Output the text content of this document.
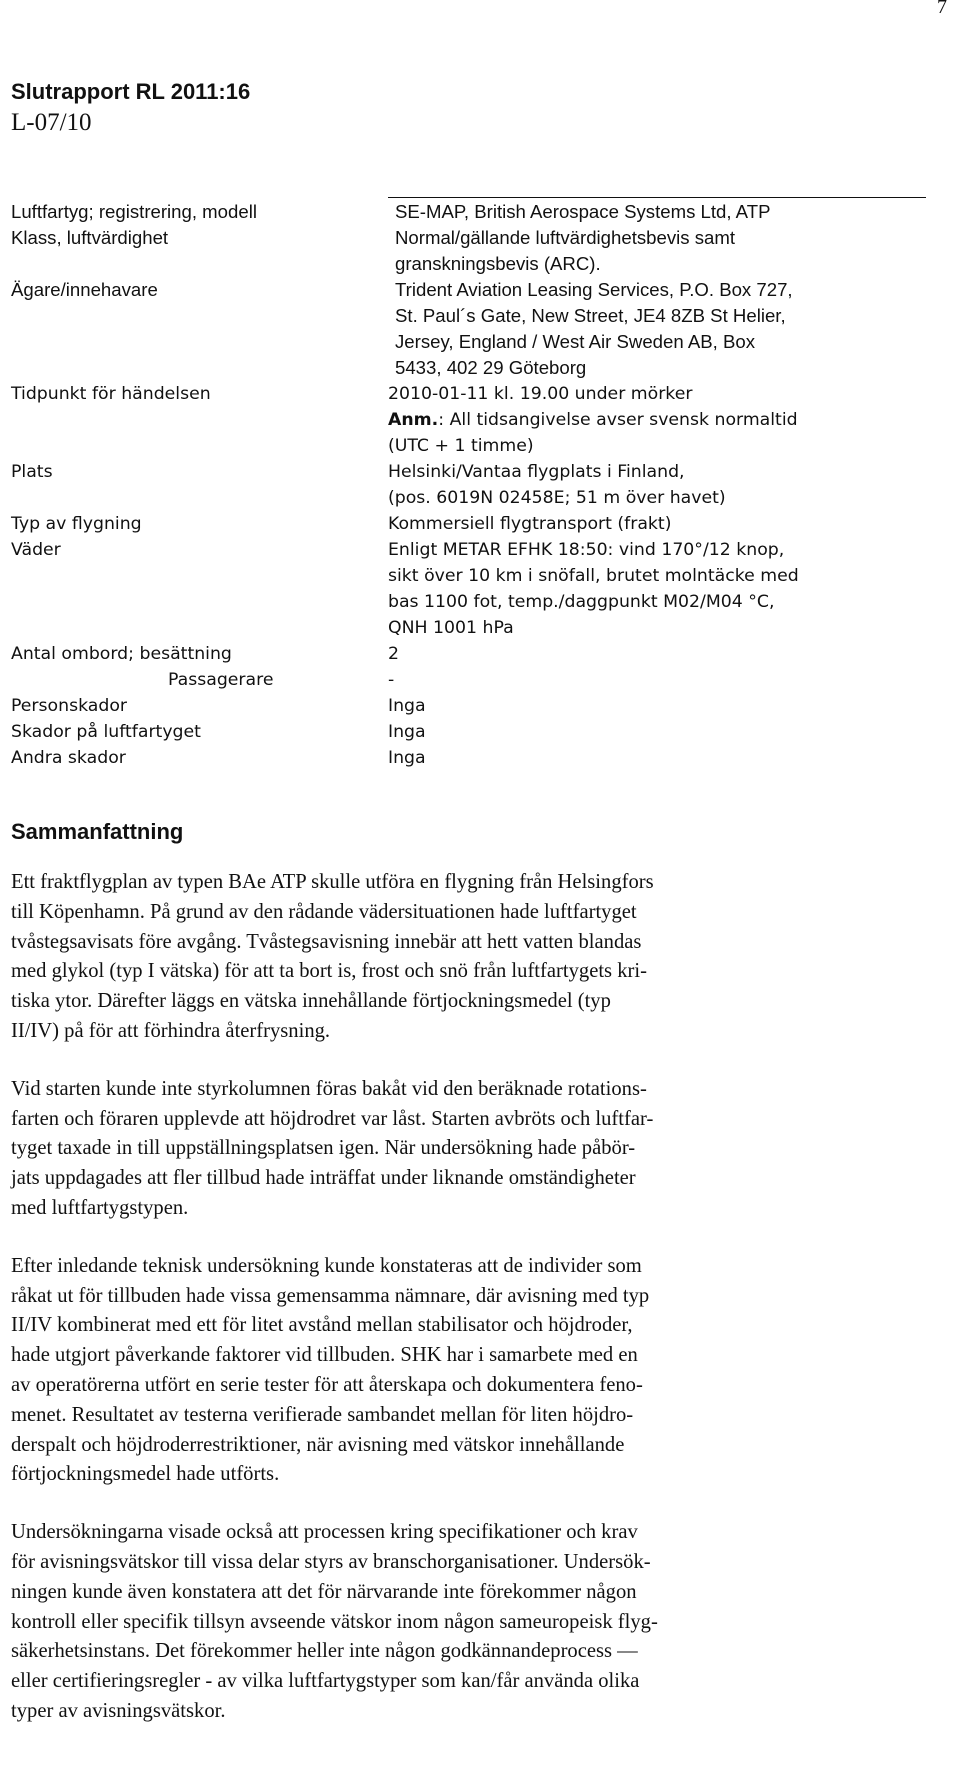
7
Slutrapport RL 2011:16
L-07/10
Luftfartyg; registrering, modell	SE-MAP, British Aerospace Systems Ltd, ATP
Klass, luftvärdighet	Normal/gällande luftvärdighetsbevis samt
granskningsbevis (ARC).
Ägare/innehavare	Trident Aviation Leasing Services, P.O. Box 727,
St. Paul´s Gate, New Street, JE4 8ZB St Helier,
Jersey, England / West Air Sweden AB, Box
5433, 402 29 Göteborg
Tidpunkt för händelsen	2010-01-11 kl. 19.00 under mörker
Anm.: All tidsangivelse avser svensk normaltid
(UTC + 1 timme)
Plats	Helsinki/Vantaa flygplats i Finland,
(pos. 6019N 02458E; 51 m över havet)
Typ av flygning	Kommersiell flygtransport (frakt)
Väder	Enligt METAR EFHK 18:50: vind 170°/12 knop,
sikt över 10 km i snöfall, brutet molntäcke med
bas 1100 fot, temp./daggpunkt M02/M04 °C,
QNH 1001 hPa
Antal ombord; besättning	2
Passagerare	-
Personskador	Inga
Skador på luftfartyget	Inga
Andra skador	Inga
Sammanfattning

Ett fraktflygplan av typen BAe ATP skulle utföra en flygning från Helsingfors
till Köpenhamn. På grund av den rådande vädersituationen hade luftfartyget
tvåstegsavisats före avgång. Tvåstegsavisning innebär att hett vatten blandas
med glykol (typ I vätska) för att ta bort is, frost och snö från luftfartygets kri-
tiska ytor. Därefter läggs en vätska innehållande förtjockningsmedel (typ
II/IV) på för att förhindra återfrysning.

Vid starten kunde inte styrkolumnen föras bakåt vid den beräknade rotations-
farten och föraren upplevde att höjdrodret var låst. Starten avbröts och luftfar-
tyget taxade in till uppställningsplatsen igen. När undersökning hade påbör-
jats uppdagades att fler tillbud hade inträffat under liknande omständigheter
med luftfartygstypen.

Efter inledande teknisk undersökning kunde konstateras att de individer som
råkat ut för tillbuden hade vissa gemensamma nämnare, där avisning med typ
II/IV kombinerat med ett för litet avstånd mellan stabilisator och höjdroder,
hade utgjort påverkande faktorer vid tillbuden. SHK har i samarbete med en
av operatörerna utfört en serie tester för att återskapa och dokumentera feno-
menet. Resultatet av testerna verifierade sambandet mellan för liten höjdro-
derspalt och höjdroderrestriktioner, när avisning med vätskor innehållande
förtjockningsmedel hade utförts.

Undersökningarna visade också att processen kring specifikationer och krav
för avisningsvätskor till vissa delar styrs av branschorganisationer. Undersök-
ningen kunde även konstatera att det för närvarande inte förekommer någon
kontroll eller specifik tillsyn avseende vätskor inom någon sameuropeisk flyg-
säkerhetsinstans. Det förekommer heller inte någon godkännandeprocess —
eller certifieringsregler - av vilka luftfartygstyper som kan/får använda olika
typer av avisningsvätskor.
